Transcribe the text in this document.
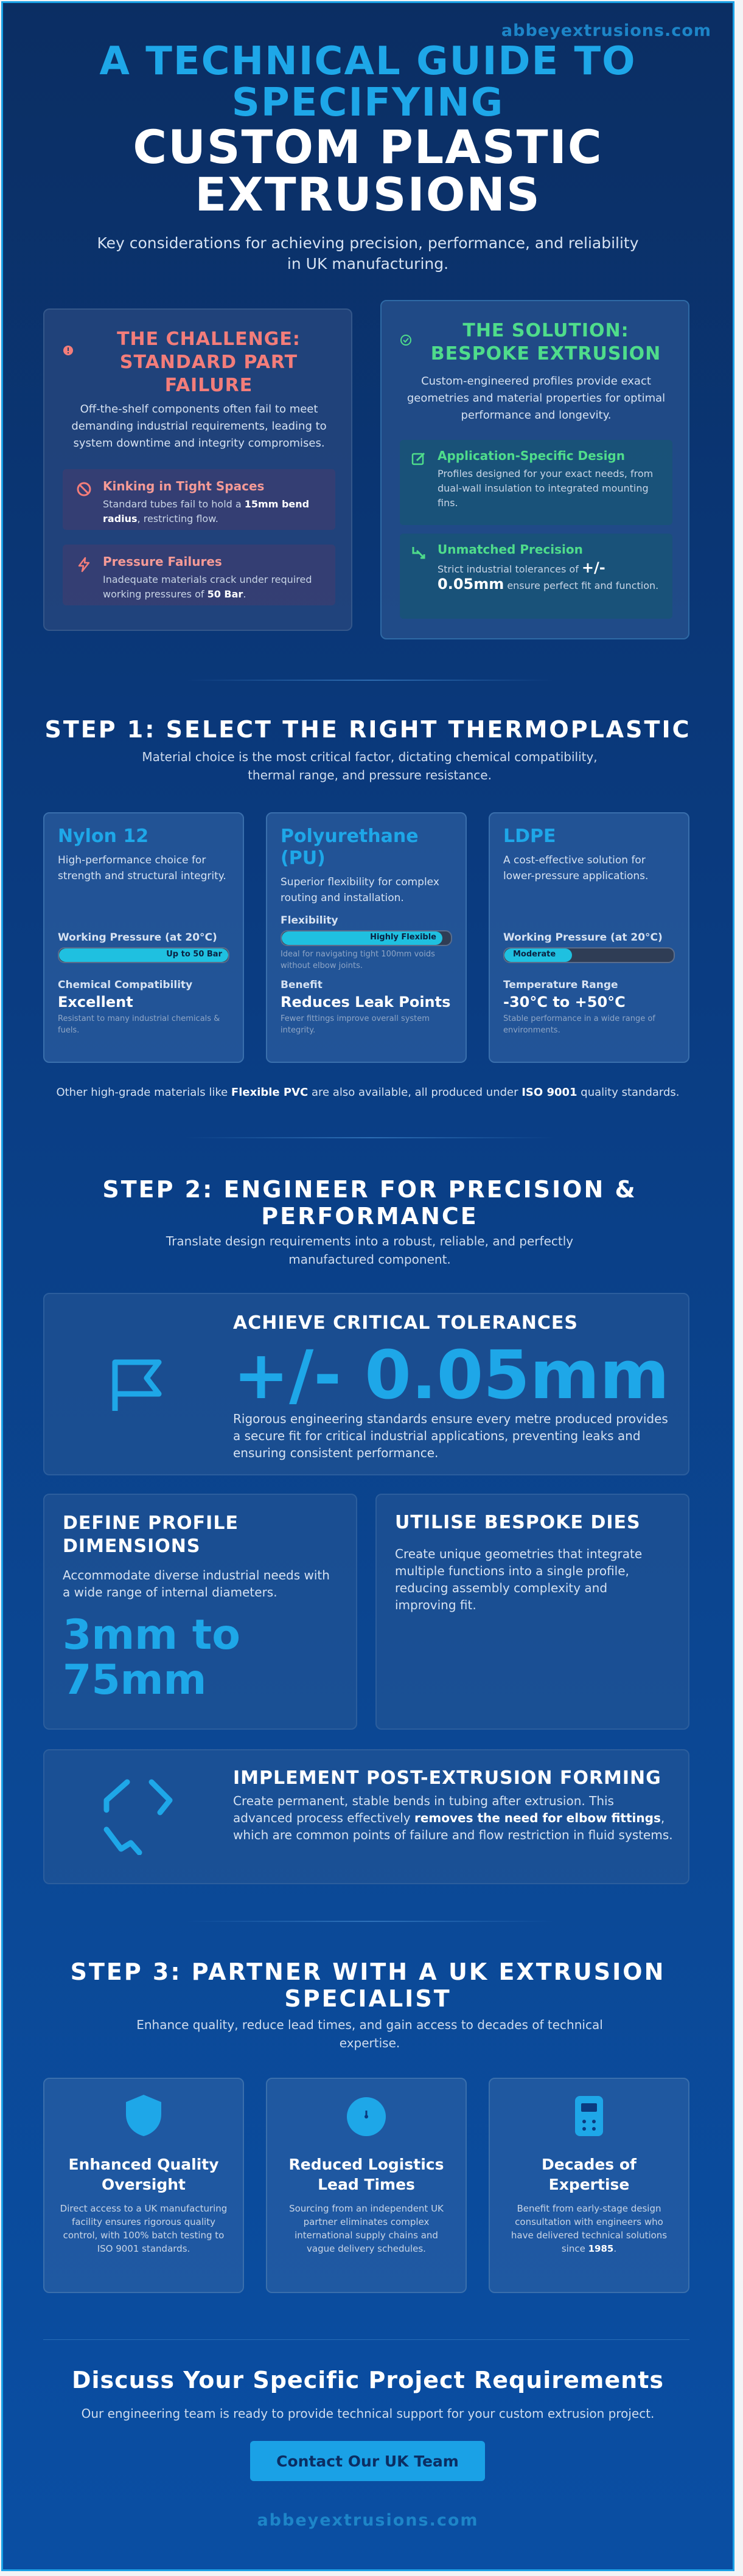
abbeyextrusions.com
A TECHNICAL GUIDE TO
SPECIFYING
CUSTOM PLASTIC
EXTRUSIONS
Key considerations for achieving precision, performance, and reliability in UK manufacturing.
THE CHALLENGE: STANDARD PART FAILURE
Off-the-shelf components often fail to meet demanding industrial requirements, leading to system downtime and integrity compromises.
Kinking in Tight Spaces
Standard tubes fail to hold a 15mm bend radius, restricting flow.
Pressure Failures
Inadequate materials crack under required working pressures of 50 Bar.
THE SOLUTION: BESPOKE EXTRUSION
Custom-engineered profiles provide exact geometries and material properties for optimal performance and longevity.
Application-Specific Design
Profiles designed for your exact needs, from dual-wall insulation to integrated mounting fins.
Unmatched Precision
Strict industrial tolerances of +/- 0.05mm ensure perfect fit and function.
STEP 1: SELECT THE RIGHT THERMOPLASTIC
Material choice is the most critical factor, dictating chemical compatibility, thermal range, and pressure resistance.
Nylon 12
High-performance choice for strength and structural integrity.
Working Pressure (at 20°C)
Up to 50 Bar
Chemical Compatibility
Excellent
Resistant to many industrial chemicals & fuels.
Polyurethane (PU)
Superior flexibility for complex routing and installation.
Flexibility
Highly Flexible
Ideal for navigating tight 100mm voids without elbow joints.
Benefit
Reduces Leak Points
Fewer fittings improve overall system integrity.
LDPE
A cost-effective solution for lower-pressure applications.
Working Pressure (at 20°C)
Moderate
Temperature Range
-30°C to +50°C
Stable performance in a wide range of environments.
Other high-grade materials like Flexible PVC are also available, all produced under ISO 9001 quality standards.
STEP 2: ENGINEER FOR PRECISION & PERFORMANCE
Translate design requirements into a robust, reliable, and perfectly manufactured component.
ACHIEVE CRITICAL TOLERANCES
+/- 0.05mm
Rigorous engineering standards ensure every metre produced provides a secure fit for critical industrial applications, preventing leaks and ensuring consistent performance.
DEFINE PROFILE DIMENSIONS
Accommodate diverse industrial needs with a wide range of internal diameters.
3mm to 75mm
UTILISE BESPOKE DIES
Create unique geometries that integrate multiple functions into a single profile, reducing assembly complexity and improving fit.
IMPLEMENT POST-EXTRUSION FORMING
Create permanent, stable bends in tubing after extrusion. This advanced process effectively removes the need for elbow fittings, which are common points of failure and flow restriction in fluid systems.
STEP 3: PARTNER WITH A UK EXTRUSION
SPECIALIST
Enhance quality, reduce lead times, and gain access to decades of technical expertise.
Enhanced Quality Oversight
Direct access to a UK manufacturing facility ensures rigorous quality control, with 100% batch testing to ISO 9001 standards.
Reduced Logistics Lead Times
Sourcing from an independent UK partner eliminates complex international supply chains and vague delivery schedules.
Decades of Expertise
Benefit from early-stage design consultation with engineers who have delivered technical solutions since 1985.
Discuss Your Specific Project Requirements
Our engineering team is ready to provide technical support for your custom extrusion project.
Contact Our UK Team
abbeyextrusions.com
